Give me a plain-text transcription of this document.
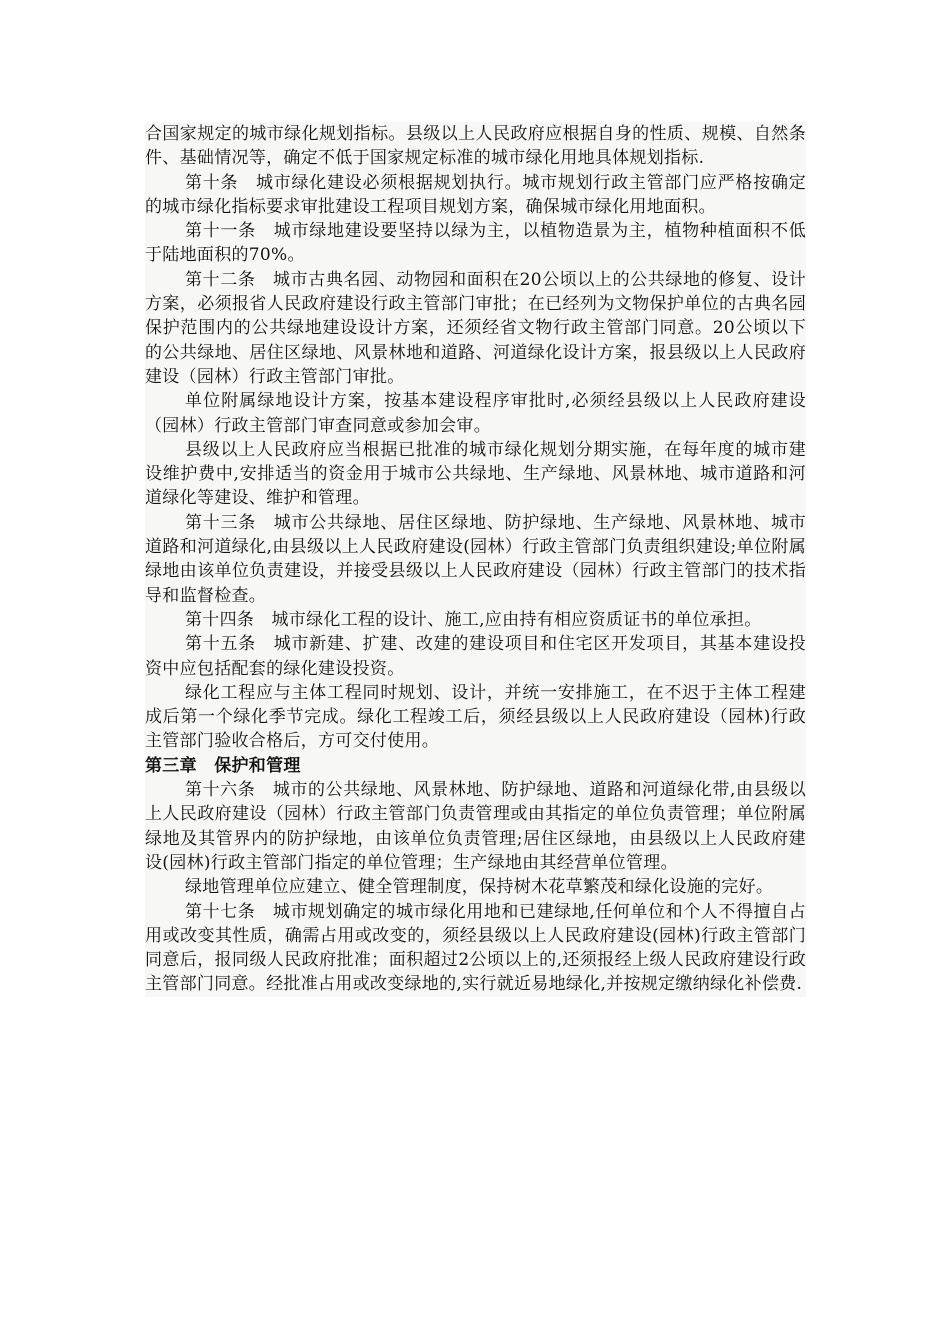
合国家规定的城市绿化规划指标。县级以上人民政府应根据自身的性质、规模、自然条件、基础情况等，确定不低于国家规定标准的城市绿化用地具体规划指标.

第十条　城市绿化建设必须根据规划执行。城市规划行政主管部门应严格按确定的城市绿化指标要求审批建设工程项目规划方案，确保城市绿化用地面积。

第十一条　城市绿地建设要坚持以绿为主，以植物造景为主，植物种植面积不低于陆地面积的70%。

第十二条　城市古典名园、动物园和面积在20公顷以上的公共绿地的修复、设计方案，必须报省人民政府建设行政主管部门审批；在已经列为文物保护单位的古典名园保护范围内的公共绿地建设设计方案，还须经省文物行政主管部门同意。20公顷以下的公共绿地、居住区绿地、风景林地和道路、河道绿化设计方案，报县级以上人民政府建设（园林）行政主管部门审批。

单位附属绿地设计方案，按基本建设程序审批时,必须经县级以上人民政府建设（园林）行政主管部门审查同意或参加会审。

县级以上人民政府应当根据已批准的城市绿化规划分期实施，在每年度的城市建设维护费中,安排适当的资金用于城市公共绿地、生产绿地、风景林地、城市道路和河道绿化等建设、维护和管理。

第十三条　城市公共绿地、居住区绿地、防护绿地、生产绿地、风景林地、城市道路和河道绿化,由县级以上人民政府建设(园林）行政主管部门负责组织建设;单位附属绿地由该单位负责建设，并接受县级以上人民政府建设（园林）行政主管部门的技术指导和监督检查。

第十四条　城市绿化工程的设计、施工,应由持有相应资质证书的单位承担。

第十五条　城市新建、扩建、改建的建设项目和住宅区开发项目，其基本建设投资中应包括配套的绿化建设投资。

绿化工程应与主体工程同时规划、设计，并统一安排施工，在不迟于主体工程建成后第一个绿化季节完成。绿化工程竣工后，须经县级以上人民政府建设（园林)行政主管部门验收合格后，方可交付使用。

第三章　保护和管理

第十六条　城市的公共绿地、风景林地、防护绿地、道路和河道绿化带,由县级以上人民政府建设（园林）行政主管部门负责管理或由其指定的单位负责管理；单位附属绿地及其管界内的防护绿地，由该单位负责管理;居住区绿地，由县级以上人民政府建设(园林)行政主管部门指定的单位管理；生产绿地由其经营单位管理。

绿地管理单位应建立、健全管理制度，保持树木花草繁茂和绿化设施的完好。

第十七条　城市规划确定的城市绿化用地和已建绿地,任何单位和个人不得擅自占用或改变其性质，确需占用或改变的，须经县级以上人民政府建设(园林)行政主管部门同意后，报同级人民政府批准；面积超过2公顷以上的,还须报经上级人民政府建设行政主管部门同意。经批准占用或改变绿地的,实行就近易地绿化,并按规定缴纳绿化补偿费.
